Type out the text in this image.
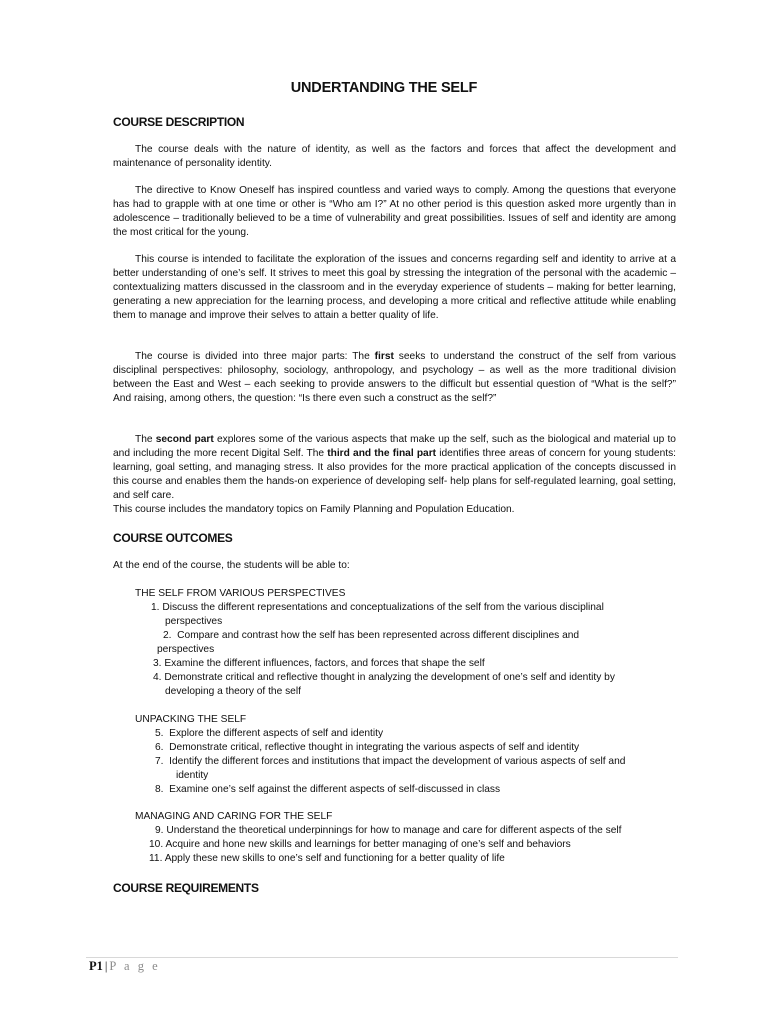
UNDERTANDING THE SELF
COURSE DESCRIPTION

The course deals with the nature of identity, as well as the factors and forces that affect the development and maintenance of personality identity.

The directive to Know Oneself has inspired countless and varied ways to comply. Among the questions that everyone has had to grapple with at one time or other is “Who am I?” At no other period is this question asked more urgently than in adolescence – traditionally believed to be a time of vulnerability and great possibilities. Issues of self and identity are among the most critical for the young.

This course is intended to facilitate the exploration of the issues and concerns regarding self and identity to arrive at a better understanding of one’s self. It strives to meet this goal by stressing the integration of the personal with the academic – contextualizing matters discussed in the classroom and in the everyday experience of students – making for better learning, generating a new appreciation for the learning process, and developing a more critical and reflective attitude while enabling them to manage and improve their selves to attain a better quality of life.

The course is divided into three major parts: The first seeks to understand the construct of the self from various disciplinal perspectives: philosophy, sociology, anthropology, and psychology – as well as the more traditional division between the East and West – each seeking to provide answers to the difficult but essential question of “What is the self?” And raising, among others, the question: “Is there even such a construct as the self?”

The second part explores some of the various aspects that make up the self, such as the biological and material up to and including the more recent Digital Self. The third and the final part identifies three areas of concern for young students: learning, goal setting, and managing stress. It also provides for the more practical application of the concepts discussed in this course and enables them the hands-on experience of developing self- help plans for self-regulated learning, goal setting, and self care.

This course includes the mandatory topics on Family Planning and Population Education.

COURSE OUTCOMES
At the end of the course, the students will be able to:
THE SELF FROM VARIOUS PERSPECTIVES
1. Discuss the different representations and conceptualizations of the self from the various disciplinal
perspectives
2. Compare and contrast how the self has been represented across different disciplines and
perspectives
3. Examine the different influences, factors, and forces that shape the self
4. Demonstrate critical and reflective thought in analyzing the development of one’s self and identity by
developing a theory of the self
UNPACKING THE SELF
5. Explore the different aspects of self and identity
6. Demonstrate critical, reflective thought in integrating the various aspects of self and identity
7. Identify the different forces and institutions that impact the development of various aspects of self and
identity
8. Examine one’s self against the different aspects of self-discussed in class
MANAGING AND CARING FOR THE SELF
9. Understand the theoretical underpinnings for how to manage and care for different aspects of the self
10. Acquire and hone new skills and learnings for better managing of one’s self and behaviors
11. Apply these new skills to one’s self and functioning for a better quality of life
COURSE REQUIREMENTS
P1 | P a g e
